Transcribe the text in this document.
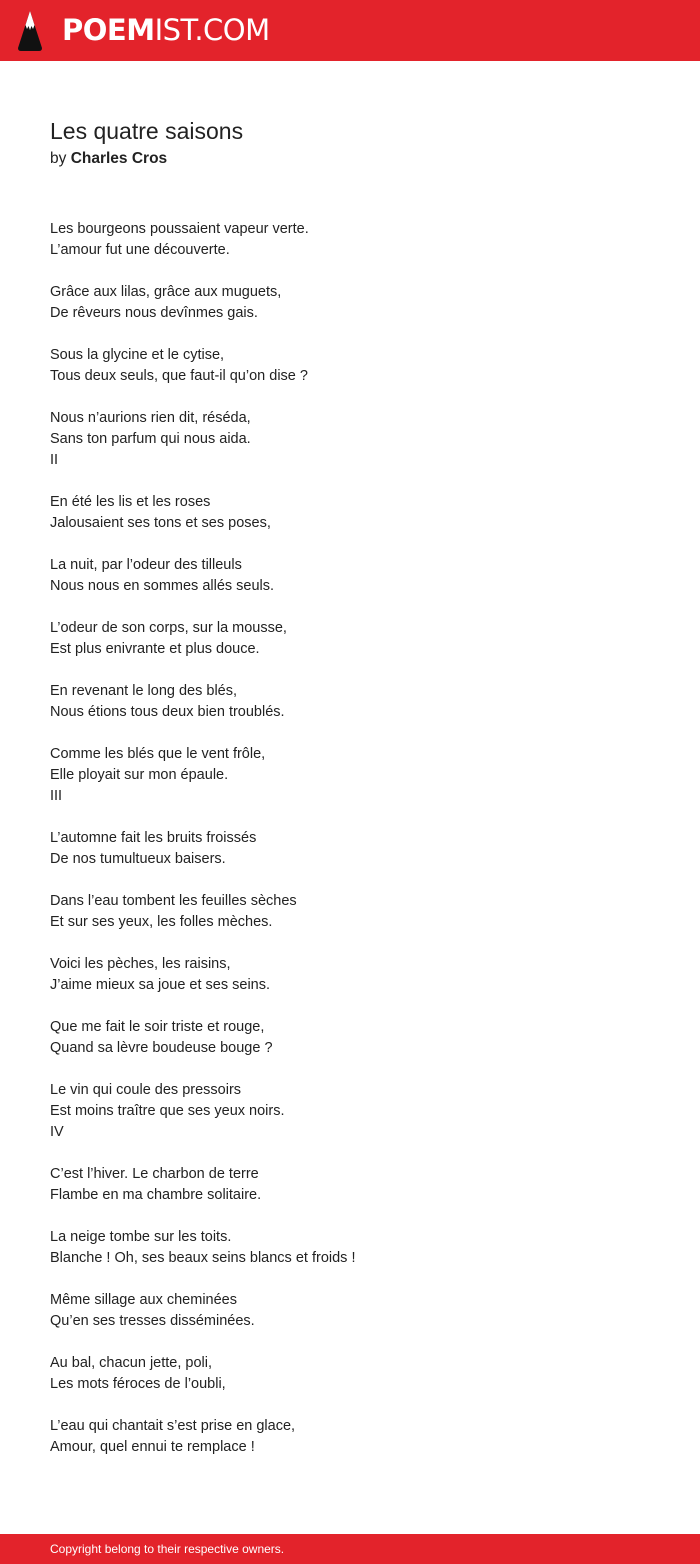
POEMIST.COM
Les quatre saisons
by Charles Cros
Les bourgeons poussaient vapeur verte.
L’amour fut une découverte.
Grâce aux lilas, grâce aux muguets,
De rêveurs nous devînmes gais.
Sous la glycine et le cytise,
Tous deux seuls, que faut-il qu’on dise ?
Nous n’aurions rien dit, réséda,
Sans ton parfum qui nous aida.
II
En été les lis et les roses
Jalousaient ses tons et ses poses,
La nuit, par l’odeur des tilleuls
Nous nous en sommes allés seuls.
L’odeur de son corps, sur la mousse,
Est plus enivrante et plus douce.
En revenant le long des blés,
Nous étions tous deux bien troublés.
Comme les blés que le vent frôle,
Elle ployait sur mon épaule.
III
L’automne fait les bruits froissés
De nos tumultueux baisers.
Dans l’eau tombent les feuilles sèches
Et sur ses yeux, les folles mèches.
Voici les pèches, les raisins,
J’aime mieux sa joue et ses seins.
Que me fait le soir triste et rouge,
Quand sa lèvre boudeuse bouge ?
Le vin qui coule des pressoirs
Est moins traître que ses yeux noirs.
IV
C’est l’hiver. Le charbon de terre
Flambe en ma chambre solitaire.
La neige tombe sur les toits.
Blanche ! Oh, ses beaux seins blancs et froids !
Même sillage aux cheminées
Qu’en ses tresses disséminées.
Au bal, chacun jette, poli,
Les mots féroces de l’oubli,
L’eau qui chantait s’est prise en glace,
Amour, quel ennui te remplace !
Copyright belong to their respective owners.
